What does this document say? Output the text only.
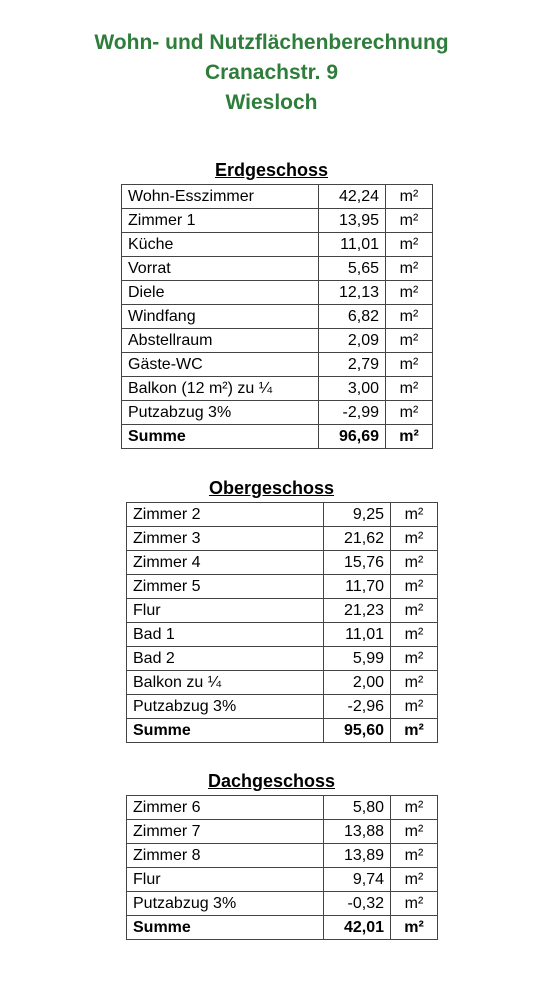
Wohn- und Nutzflächenberechnung
Cranachstr. 9
Wiesloch
Erdgeschoss
Wohn-Esszimmer	42,24	m²
Zimmer 1	13,95	m²
Küche	11,01	m²
Vorrat	5,65	m²
Diele	12,13	m²
Windfang	6,82	m²
Abstellraum	2,09	m²
Gäste-WC	2,79	m²
Balkon (12 m²) zu ¼	3,00	m²
Putzabzug 3%	-2,99	m²
Summe	96,69	m²
Obergeschoss
Zimmer 2	9,25	m²
Zimmer 3	21,62	m²
Zimmer 4	15,76	m²
Zimmer 5	11,70	m²
Flur	21,23	m²
Bad 1	11,01	m²
Bad 2	5,99	m²
Balkon zu ¼	2,00	m²
Putzabzug 3%	-2,96	m²
Summe	95,60	m²
Dachgeschoss
Zimmer 6	5,80	m²
Zimmer 7	13,88	m²
Zimmer 8	13,89	m²
Flur	9,74	m²
Putzabzug 3%	-0,32	m²
Summe	42,01	m²
